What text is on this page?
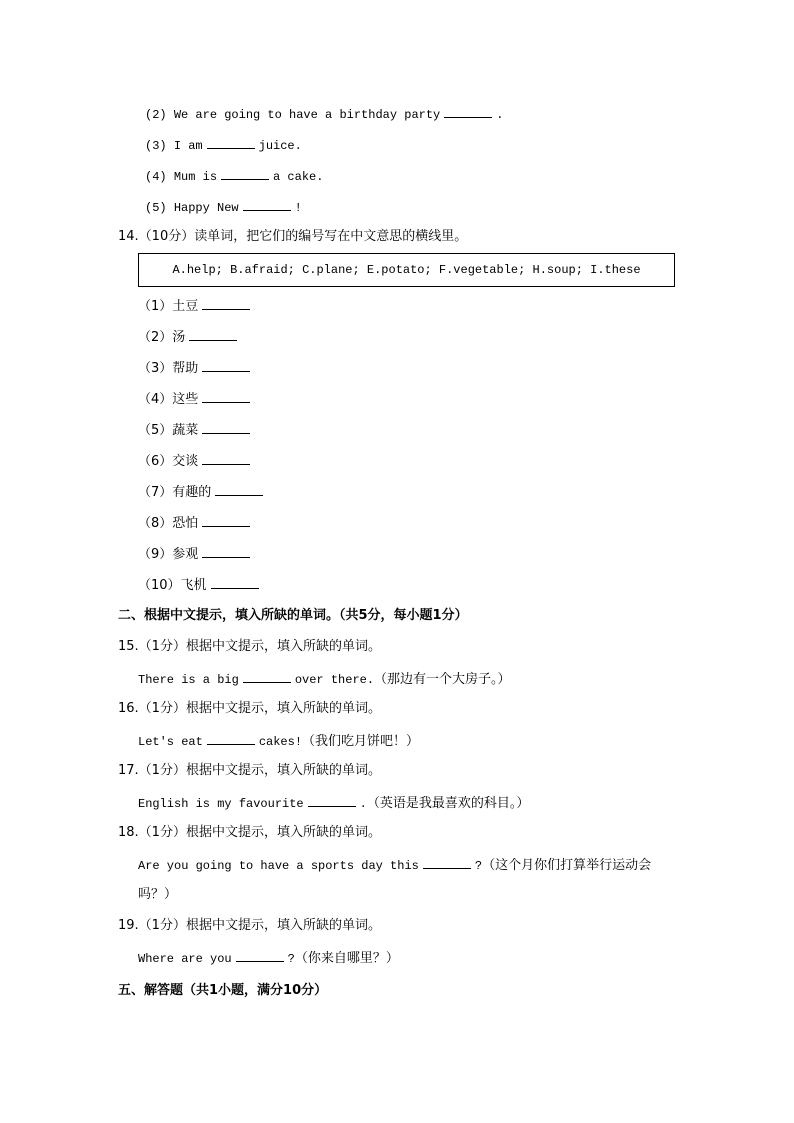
(2) We are going to have a birthday party	.
(3) I am	juice.
(4) Mum is	a cake.
(5) Happy New	!
14.（10分）读单词，把它们的编号写在中文意思的横线里。
A.help; B.afraid; C.plane; E.potato; F.vegetable; H.soup; I.these
（1）土豆
（2）汤
（3）帮助
（4）这些
（5）蔬菜
（6）交谈
（7）有趣的
（8）恐怕
（9）参观
（10）飞机
二、根据中文提示，填入所缺的单词。（共5分，每小题1分）
15.（1分）根据中文提示，填入所缺的单词。
There is a big	over there.（那边有一个大房子。）
16.（1分）根据中文提示，填入所缺的单词。
Let's eat	cakes!（我们吃月饼吧！）
17.（1分）根据中文提示，填入所缺的单词。
English is my favourite	.（英语是我最喜欢的科目。）
18.（1分）根据中文提示，填入所缺的单词。
Are you going to have a sports day this	?（这个月你们打算举行运动会
吗？）
19.（1分）根据中文提示，填入所缺的单词。
Where are you	?（你来自哪里？）
五、解答题（共1小题，满分10分）
